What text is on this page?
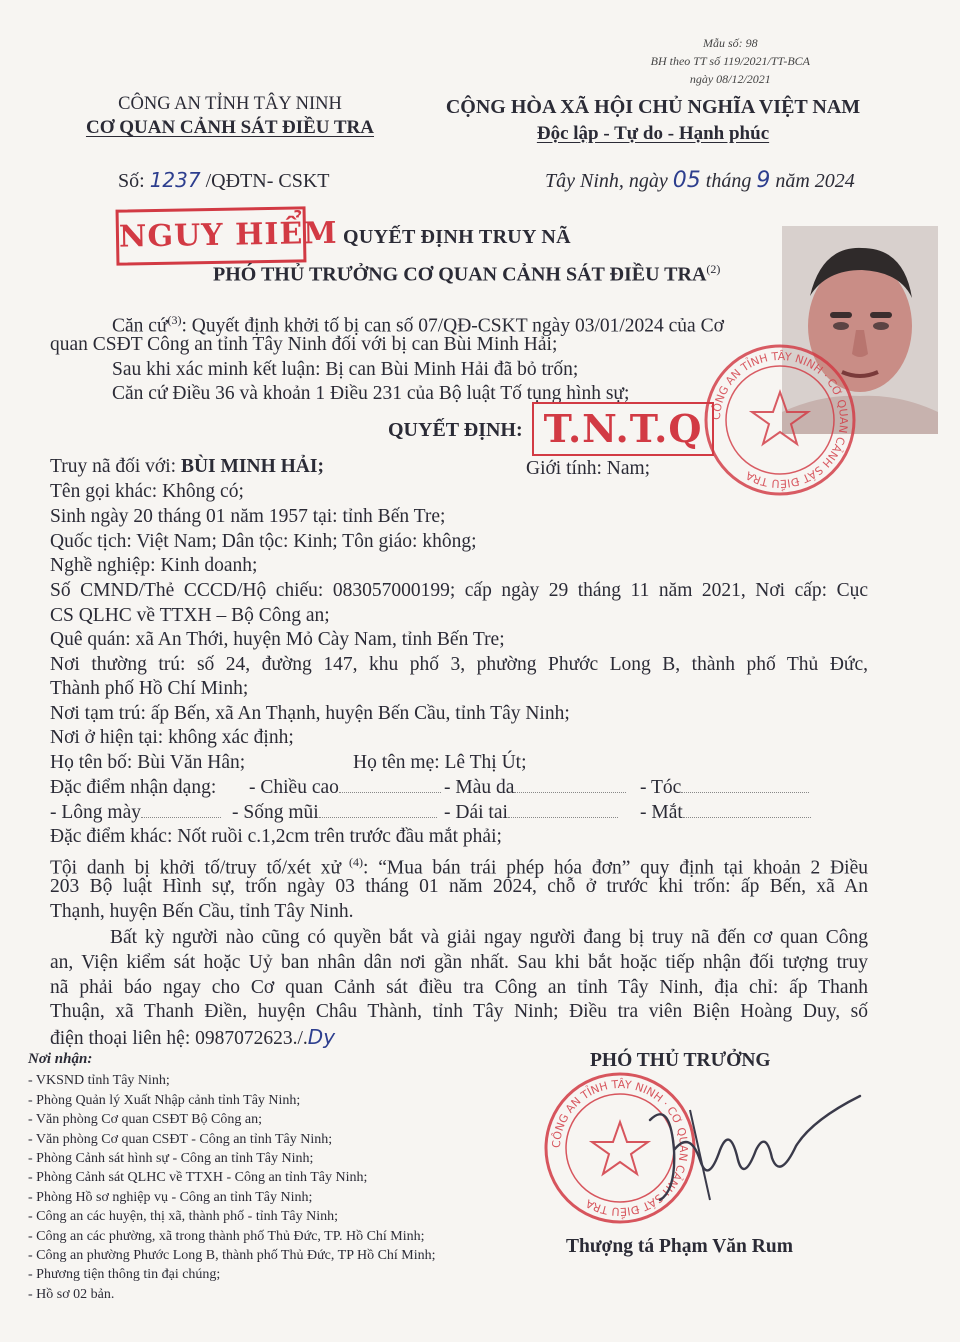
Mẫu số: 98
BH theo TT số 119/2021/TT-BCA
ngày 08/12/2021
CÔNG AN TỈNH TÂY NINH
CƠ QUAN CẢNH SÁT ĐIỀU TRA
CỘNG HÒA XÃ HỘI CHỦ NGHĨA VIỆT NAM
Độc lập - Tự do - Hạnh phúc
Số: 1237 /QĐTN- CSKT	Tây Ninh, ngày 05 tháng 9 năm 2024
NGUY HIỂM QUYẾT ĐỊNH TRUY NÃ
PHÓ THỦ TRƯỞNG CƠ QUAN CẢNH SÁT ĐIỀU TRA$^{(2)}$
CÔNG AN TỈNH TÂY NINH · CƠ QUAN CẢNH SÁT ĐIỀU TRA
Căn cứ$^{(3)}$: Quyết định khởi tố bị can số 07/QĐ-CSKT ngày 03/01/2024 của Cơ
quan CSĐT Công an tỉnh Tây Ninh đối với bị can Bùi Minh Hải;
Sau khi xác minh kết luận: Bị can Bùi Minh Hải đã bỏ trốn;
Căn cứ Điều 36 và khoản 1 Điều 231 của Bộ luật Tố tụng hình sự;
QUYẾT ĐỊNH: T.N.T.Q
Truy nã đối với: BÙI MINH HẢI;	Giới tính: Nam;
Tên gọi khác: Không có;
Sinh ngày 20 tháng 01 năm 1957 tại: tỉnh Bến Tre;
Quốc tịch: Việt Nam; Dân tộc: Kinh; Tôn giáo: không;
Nghề nghiệp: Kinh doanh;
Số CMND/Thẻ CCCD/Hộ chiếu: 083057000199; cấp ngày 29 tháng 11 năm 2021, Nơi cấp: Cục
CS QLHC về TTXH – Bộ Công an;
Quê quán: xã An Thới, huyện Mỏ Cày Nam, tỉnh Bến Tre;
Nơi thường trú: số 24, đường 147, khu phố 3, phường Phước Long B, thành phố Thủ Đức,
Thành phố Hồ Chí Minh;
Nơi tạm trú: ấp Bến, xã An Thạnh, huyện Bến Cầu, tỉnh Tây Ninh;
Nơi ở hiện tại: không xác định;
Họ tên bố: Bùi Văn Hân;	Họ tên mẹ: Lê Thị Út;
Đặc điểm nhận dạng: - Chiều cao	- Màu da	- Tóc
- Lông mày	- Sống mũi	- Dái tai	- Mắt
Đặc điểm khác: Nốt ruồi c.1,2cm trên trước đầu mắt phải;
Tội danh bị khởi tố/truy tố/xét xử $^{(4)}$: “Mua bán trái phép hóa đơn” quy định tại khoản 2 Điều
203 Bộ luật Hình sự, trốn ngày 03 tháng 01 năm 2024, chỗ ở trước khi trốn: ấp Bến, xã An
Thạnh, huyện Bến Cầu, tỉnh Tây Ninh.
Bất kỳ người nào cũng có quyền bắt và giải ngay người đang bị truy nã đến cơ quan Công
an, Viện kiểm sát hoặc Uỷ ban nhân dân nơi gần nhất. Sau khi bắt hoặc tiếp nhận đối tượng truy
nã phải báo ngay cho Cơ quan Cảnh sát điều tra Công an tỉnh Tây Ninh, địa chỉ: ấp Thanh
Thuận, xã Thanh Điền, huyện Châu Thành, tỉnh Tây Ninh; Điều tra viên Biện Hoàng Duy, số
điện thoại liên hệ: 0987072623./.Dy
Nơi nhận:
- VKSND tỉnh Tây Ninh;
- Phòng Quản lý Xuất Nhập cảnh tỉnh Tây Ninh;
- Văn phòng Cơ quan CSĐT Bộ Công an;
- Văn phòng Cơ quan CSĐT - Công an tỉnh Tây Ninh;
- Phòng Cảnh sát hình sự - Công an tỉnh Tây Ninh;
- Phòng Cảnh sát QLHC về TTXH - Công an tỉnh Tây Ninh;
- Phòng Hồ sơ nghiệp vụ - Công an tỉnh Tây Ninh;
- Công an các huyện, thị xã, thành phố - tỉnh Tây Ninh;
- Công an các phường, xã trong thành phố Thủ Đức, TP. Hồ Chí Minh;
- Công an phường Phước Long B, thành phố Thủ Đức, TP Hồ Chí Minh;
- Phương tiện thông tin đại chúng;
- Hồ sơ 02 bản.
PHÓ THỦ TRƯỞNG
CÔNG AN TỈNH TÂY NINH · CƠ QUAN CẢNH SÁT ĐIỀU TRA
Thượng tá Phạm Văn Rum
